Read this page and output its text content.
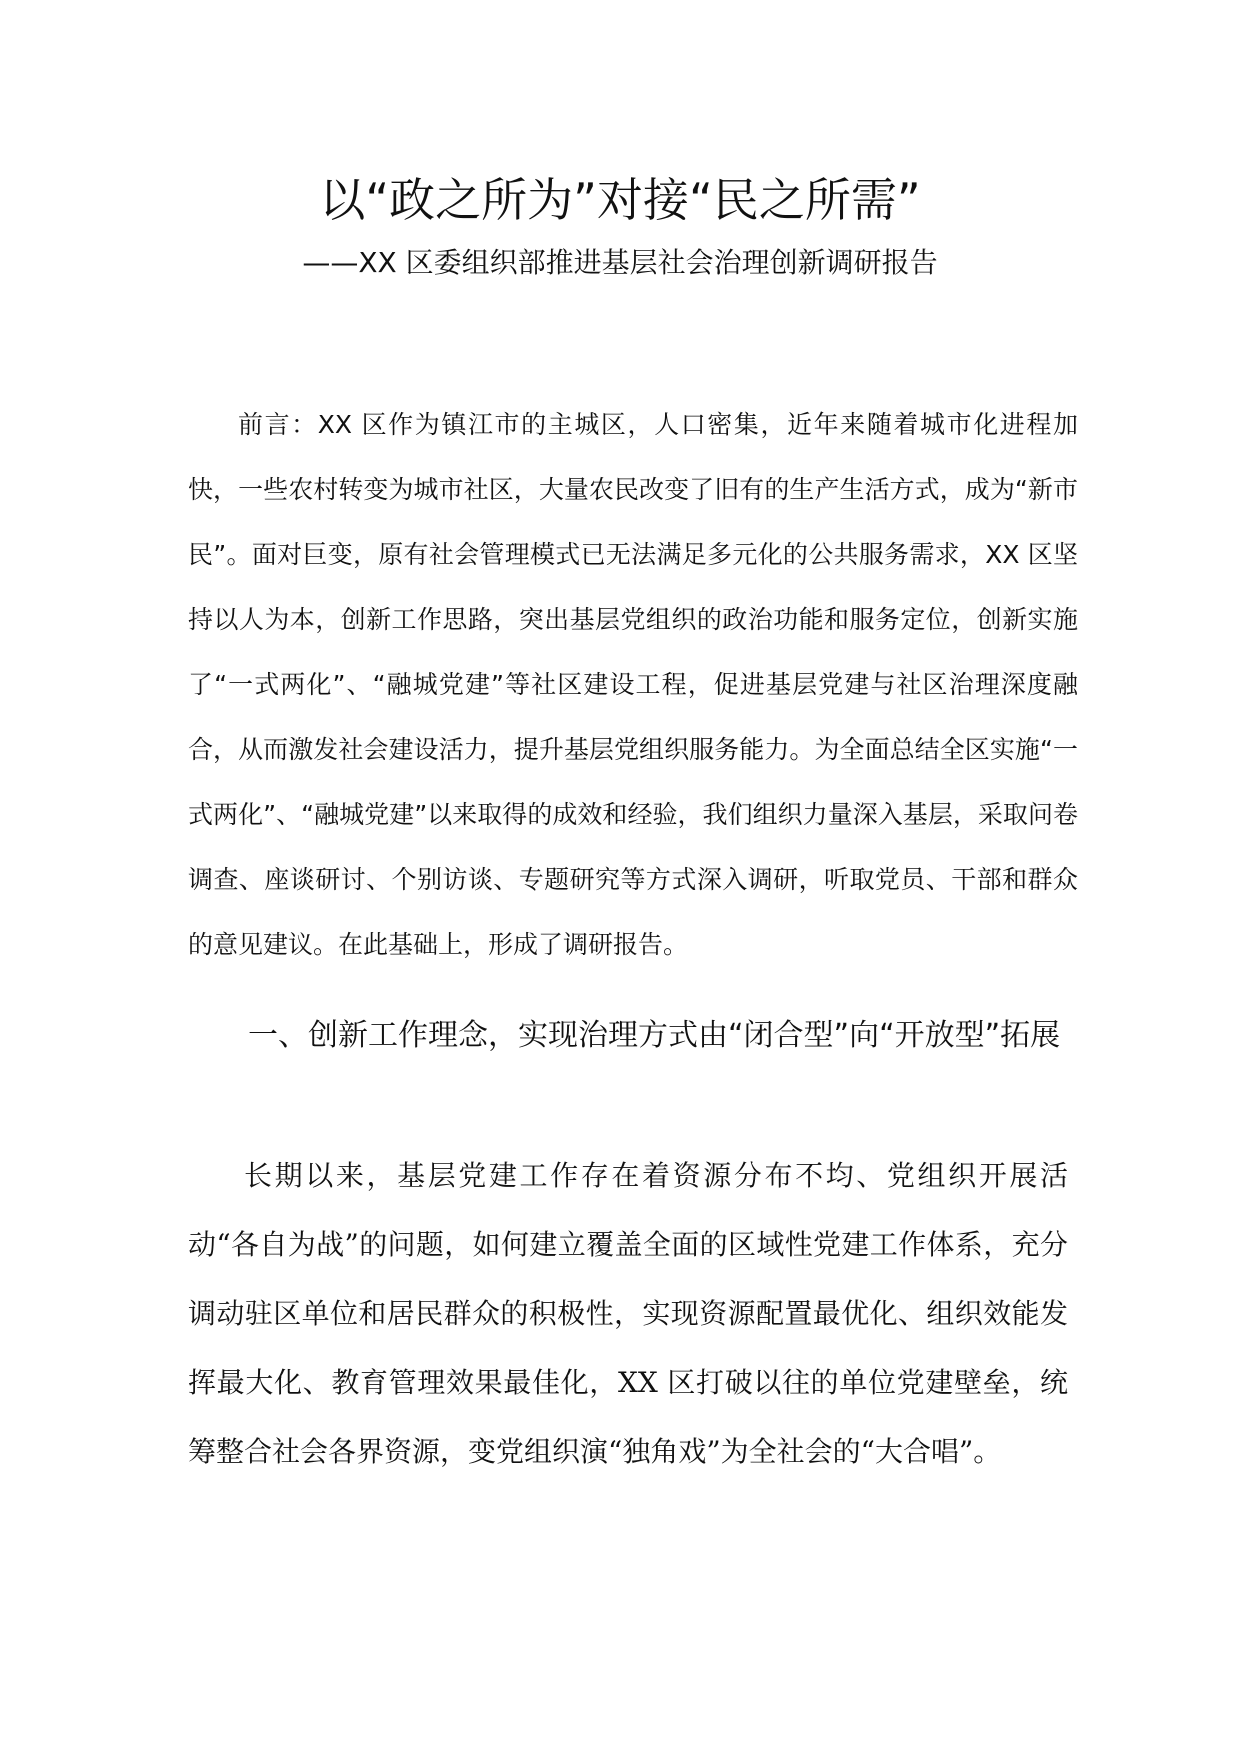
以“政之所为”对接“民之所需”
——XX 区委组织部推进基层社会治理创新调研报告

前言：XX 区作为镇江市的主城区，人口密集，近年来随着城市化进程加快，一些农村转变为城市社区，大量农民改变了旧有的生产生活方式，成为“新市民”。面对巨变，原有社会管理模式已无法满足多元化的公共服务需求，XX 区坚持以人为本，创新工作思路，突出基层党组织的政治功能和服务定位，创新实施了“一式两化”、“融城党建”等社区建设工程，促进基层党建与社区治理深度融合，从而激发社会建设活力，提升基层党组织服务能力。为全面总结全区实施“一式两化”、“融城党建”以来取得的成效和经验，我们组织力量深入基层，采取问卷调查、座谈研讨、个别访谈、专题研究等方式深入调研，听取党员、干部和群众的意见建议。在此基础上，形成了调研报告。

一、创新工作理念，实现治理方式由“闭合型”向“开放型”拓展

长期以来，基层党建工作存在着资源分布不均、党组织开展活动“各自为战”的问题，如何建立覆盖全面的区域性党建工作体系，充分调动驻区单位和居民群众的积极性，实现资源配置最优化、组织效能发挥最大化、教育管理效果最佳化，XX 区打破以往的单位党建壁垒，统筹整合社会各界资源，变党组织演“独角戏”为全社会的“大合唱”。
